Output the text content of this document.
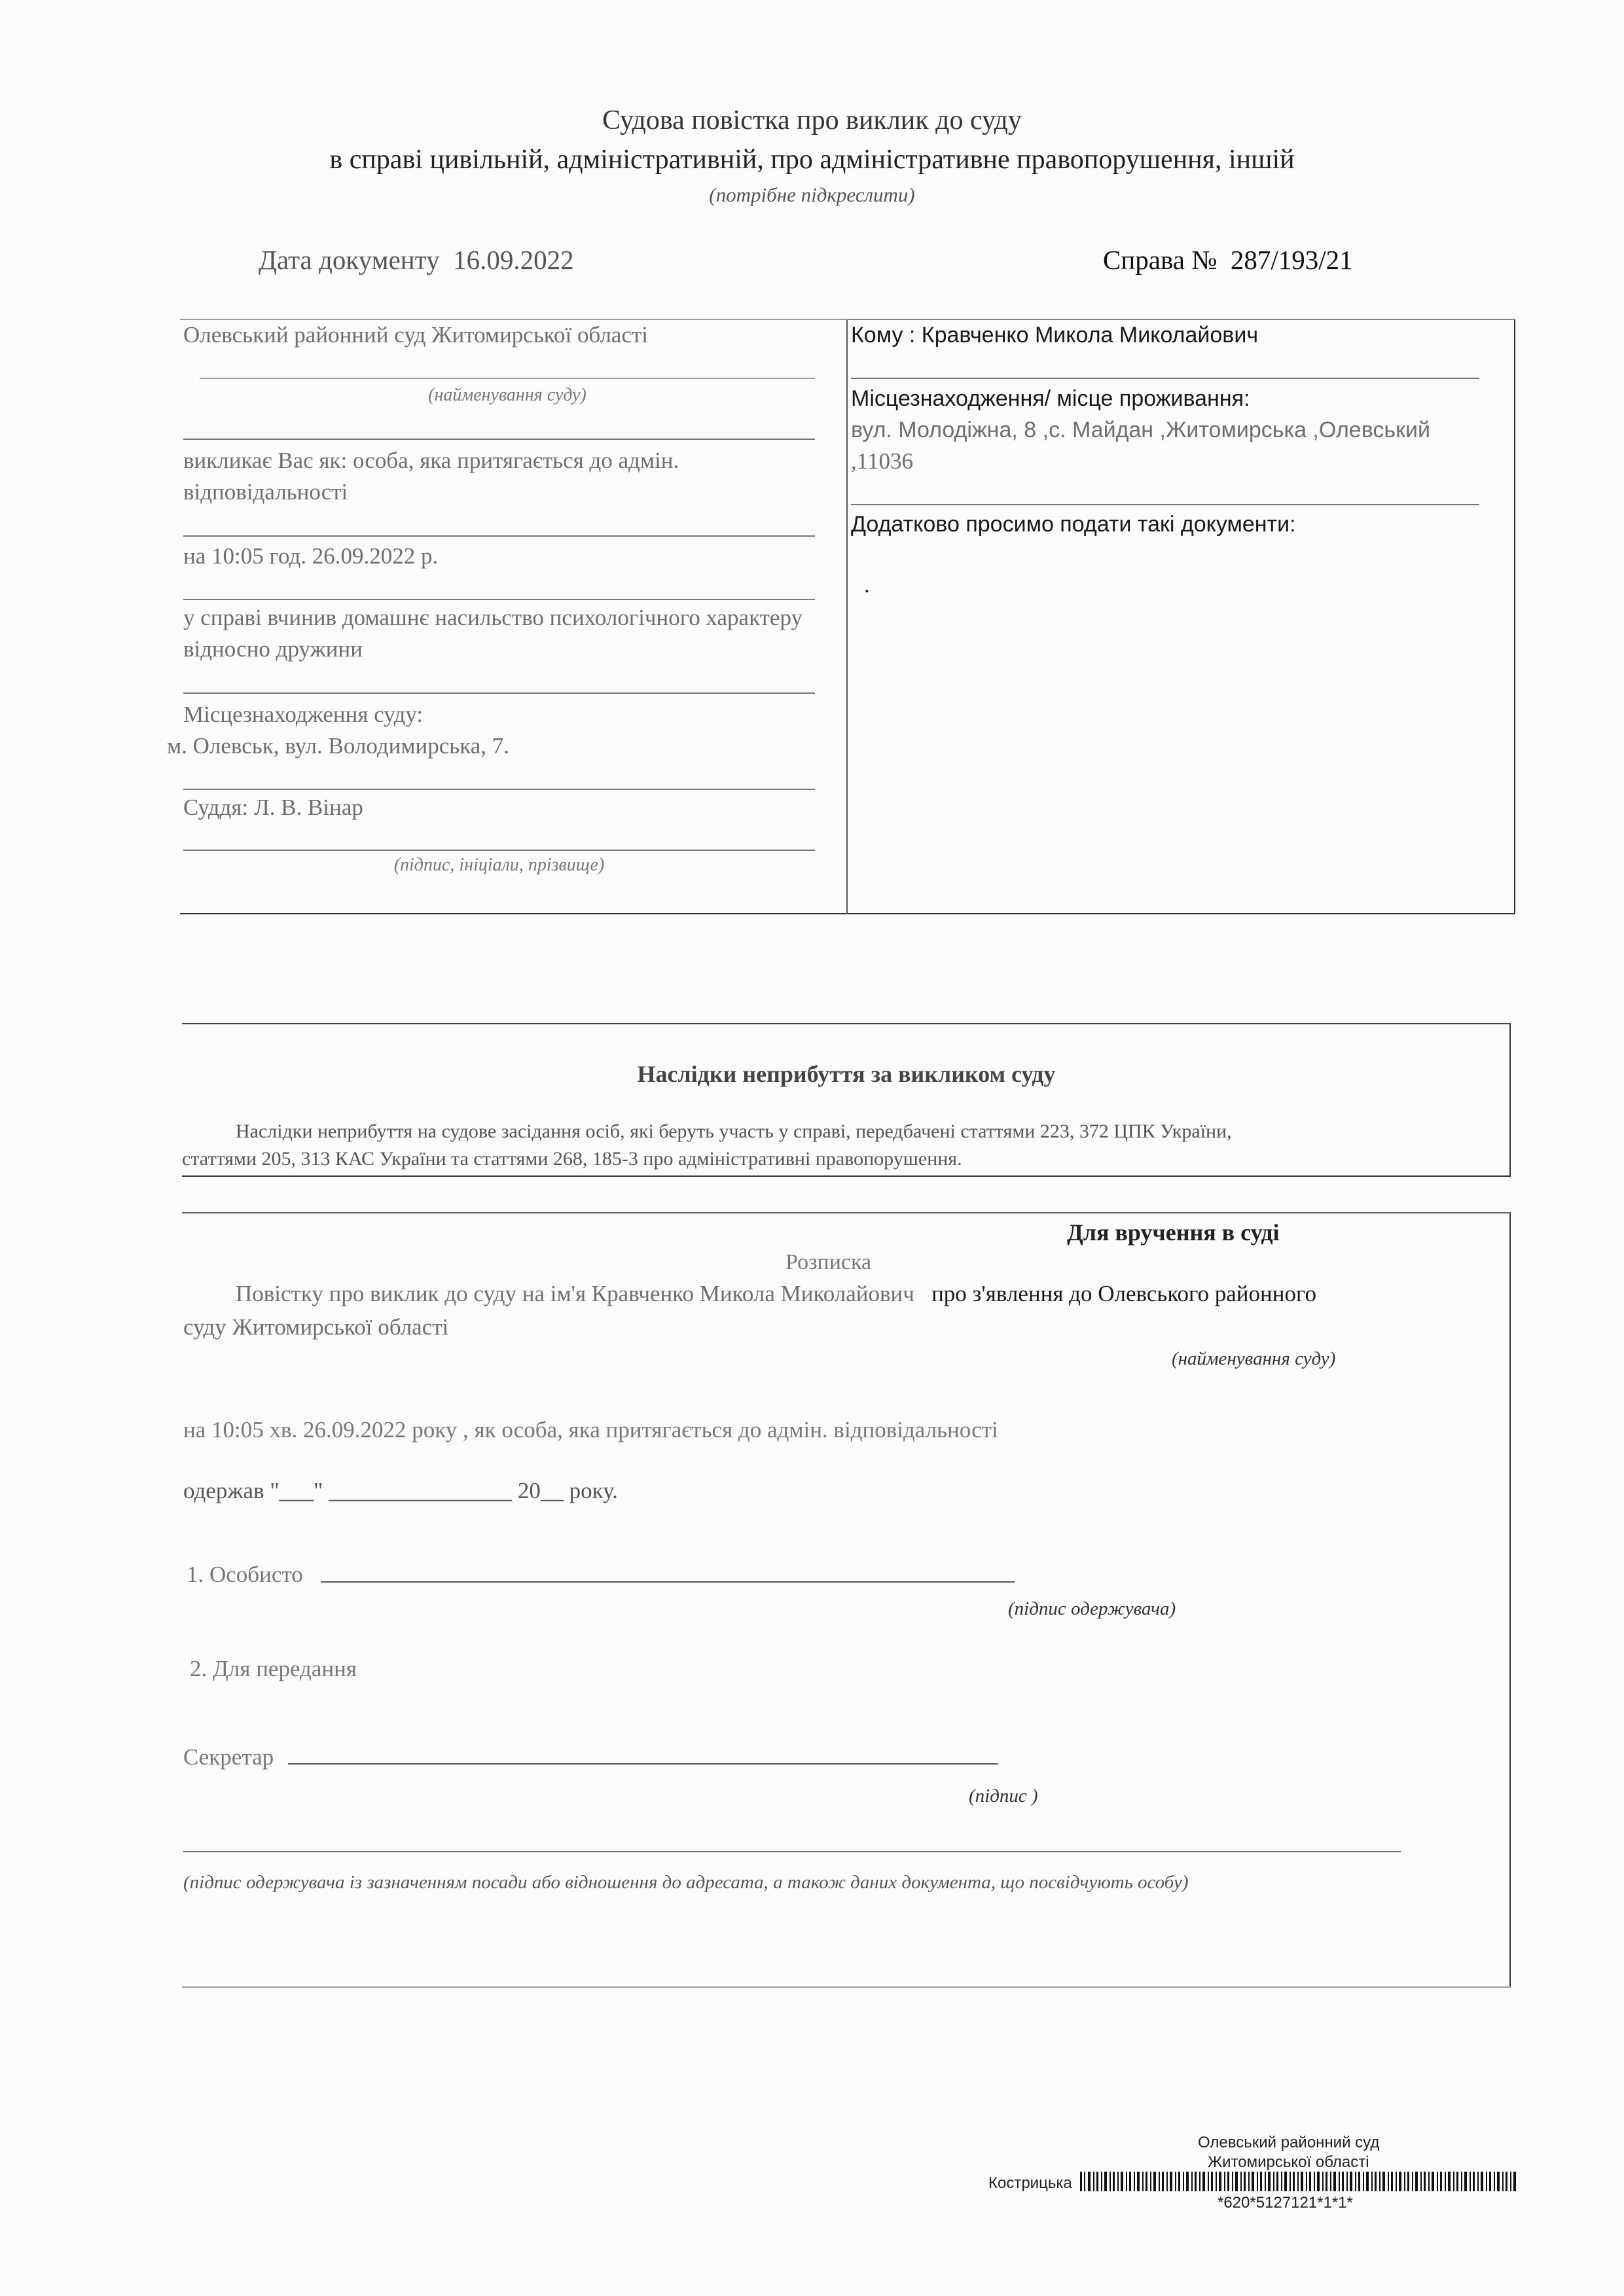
Судова повістка про виклик до суду
в справі цивільній, адміністративній, про адміністративне правопорушення, іншій
(потрібне підкреслити)
Дата документу 16.09.2022	Справа № 287/193/21
Олевський районний суд Житомирської області
(найменування суду)
викликає Вас як: особа, яка притягається до адмін. відповідальності
на 10:05 год. 26.09.2022 р.
у справі вчинив домашнє насильство психологічного характеру відносно дружини
Місцезнаходження суду:
м. Олевськ, вул. Володимирська, 7.
Суддя: Л. В. Вінар
(підпис, ініціали, прізвище)
Кому : Кравченко Микола Миколайович
Місцезнаходження/ місце проживання:
вул. Молодіжна, 8 ,с. Майдан ,Житомирська ,Олевський
,11036
Додатково просимо подати такі документи:
.
Наслідки неприбуття за викликом суду
Наслідки неприбуття на судове засідання осіб, які беруть участь у справі, передбачені статтями 223, 372 ЦПК України,
статтями 205, 313 КАС України та статтями 268, 185-3 про адміністративні правопорушення.
Для вручення в суді
Розписка
Повістку про виклик до суду на ім'я Кравченко Микола Миколайович про з'явлення до Олевського районного
суду Житомирської області
(найменування суду)
на 10:05 хв. 26.09.2022 року , як особа, яка притягається до адмін. відповідальності
одержав "___" ________________ 20__ року.
1. Особисто
(підпис одержувача)
2. Для передання
Секретар
(підпис )
(підпис одержувача із зазначенням посади або відношення до адресата, а також даних документа, що посвідчують особу)
Олевський районний суд
Житомирської області
Кострицька
*620*5127121*1*1*
